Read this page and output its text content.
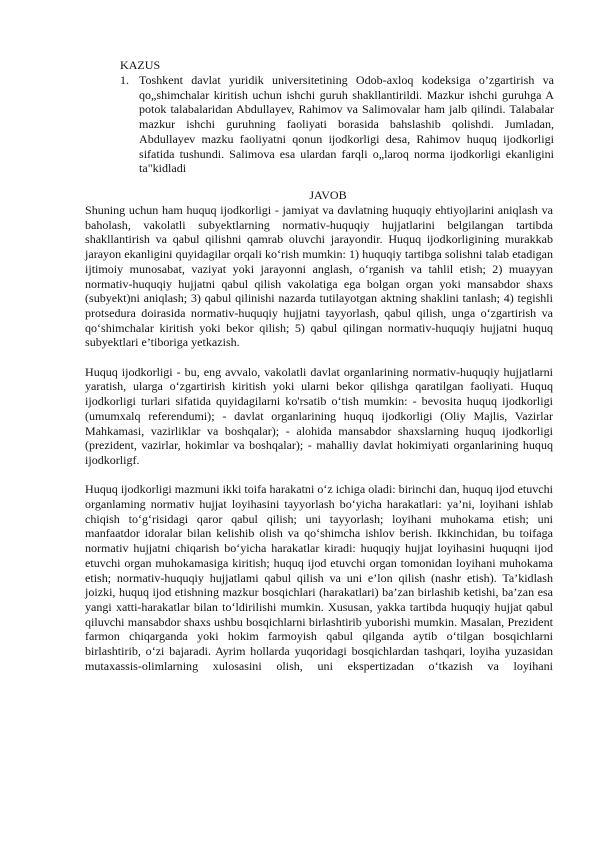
KAZUS
1. Toshkent davlat yuridik universitetining Odob-axloq kodeksiga o’zgartirish va qo„shimchalar kiritish uchun ishchi guruh shakllantirildi. Mazkur ishchi guruhga A potok talabalaridan Abdullayev, Rahimov va Salimovalar ham jalb qilindi. Talabalar mazkur ishchi guruhning faoliyati borasida bahslashib qolishdi. Jumladan, Abdullayev mazku faoliyatni qonun ijodkorligi desa, Rahimov huquq ijodkorligi sifatida tushundi. Salimova esa ulardan farqli o„laroq norma ijodkorligi ekanligini ta"kidladi
JAVOB

Shuning uchun ham huquq ijodkorligi - jamiyat va davlatning huquqiy ehtiyojlarini aniqlash va baholash, vakolatli subyektlarning normativ-huquqiy hujjatlarini belgilangan tartibda shakllantirish va qabul qilishni qamrab oluvchi jarayondir. Huquq ijodkorligining murakkab jarayon ekanligini quyidagilar orqali ko‘rish mumkin: 1) huquqiy tartibga solishni talab etadigan ijtimoiy munosabat, vaziyat yoki jarayonni anglash, o‘rganish va tahlil etish; 2) muayyan normativ-huquqiy hujjatni qabul qilish vakolatiga ega bolgan organ yoki mansabdor shaxs (subyekt)ni aniqlash; 3) qabul qilinishi nazarda tutilayotgan aktning shaklini tanlash; 4) tegishli protsedura doirasida normativ-huquqiy hujjatni tayyorlash, qabul qilish, unga o‘zgartirish va qo‘shimchalar kiritish yoki bekor qilish; 5) qabul qilingan normativ-huquqiy hujjatni huquq subyektlari e’tiboriga yetkazish.

Huquq ijodkorligi - bu, eng avvalo, vakolatli davlat organlarining normativ-huquqiy hujjatlarni yaratish, ularga o‘zgartirish kiritish yoki ularni bekor qilishga qaratilgan faoliyati. Huquq ijodkorligi turlari sifatida quyidagilarni ko'rsatib o‘tish mumkin: - bevosita huquq ijodkorligi (umumxalq referendumi); - davlat organlarining huquq ijodkorligi (Oliy Majlis, Vazirlar Mahkamasi, vazirliklar va boshqalar); - alohida mansabdor shaxslarning huquq ijodkorligi (prezident, vazirlar, hokimlar va boshqalar); - mahalliy davlat hokimiyati organlarining huquq ijodkorligf.

Huquq ijodkorligi mazmuni ikki toifa harakatni o‘z ichiga oladi: birinchi dan, huquq ijod etuvchi organlaming normativ hujjat loyihasini tayyorlash bo‘yicha harakatlari: ya’ni, loyihani ishlab chiqish to‘g‘risidagi qaror qabul qilish; uni tayyorlash; loyihani muhokama etish; uni manfaatdor idoralar bilan kelishib olish va qo‘shimcha ishlov berish. Ikkinchidan, bu toifaga normativ hujjatni chiqarish bo‘yicha harakatlar kiradi: huquqiy hujjat loyihasini huquqni ijod etuvchi organ muhokamasiga kiritish; huquq ijod etuvchi organ tomonidan loyihani muhokama etish; normativ-huquqiy hujjatlami qabul qilish va uni e’lon qilish (nashr etish). Ta’kidlash joizki, huquq ijod etishning mazkur bosqichlari (harakatlari) ba’zan birlashib ketishi, ba’zan esa yangi xatti-harakatlar bilan to‘ldirilishi mumkin. Xususan, yakka tartibda huquqiy hujjat qabul qiluvchi mansabdor shaxs ushbu bosqichlarni birlashtirib yuborishi mumkin. Masalan, Prezident farmon chiqarganda yoki hokim farmoyish qabul qilganda aytib o‘tilgan bosqichlarni birlashtirib, o‘zi bajaradi. Ayrim hollarda yuqoridagi bosqichlardan tashqari, loyiha yuzasidan mutaxassis-olimlarning xulosasini olish, uni ekspertizadan o‘tkazish va loyihani
